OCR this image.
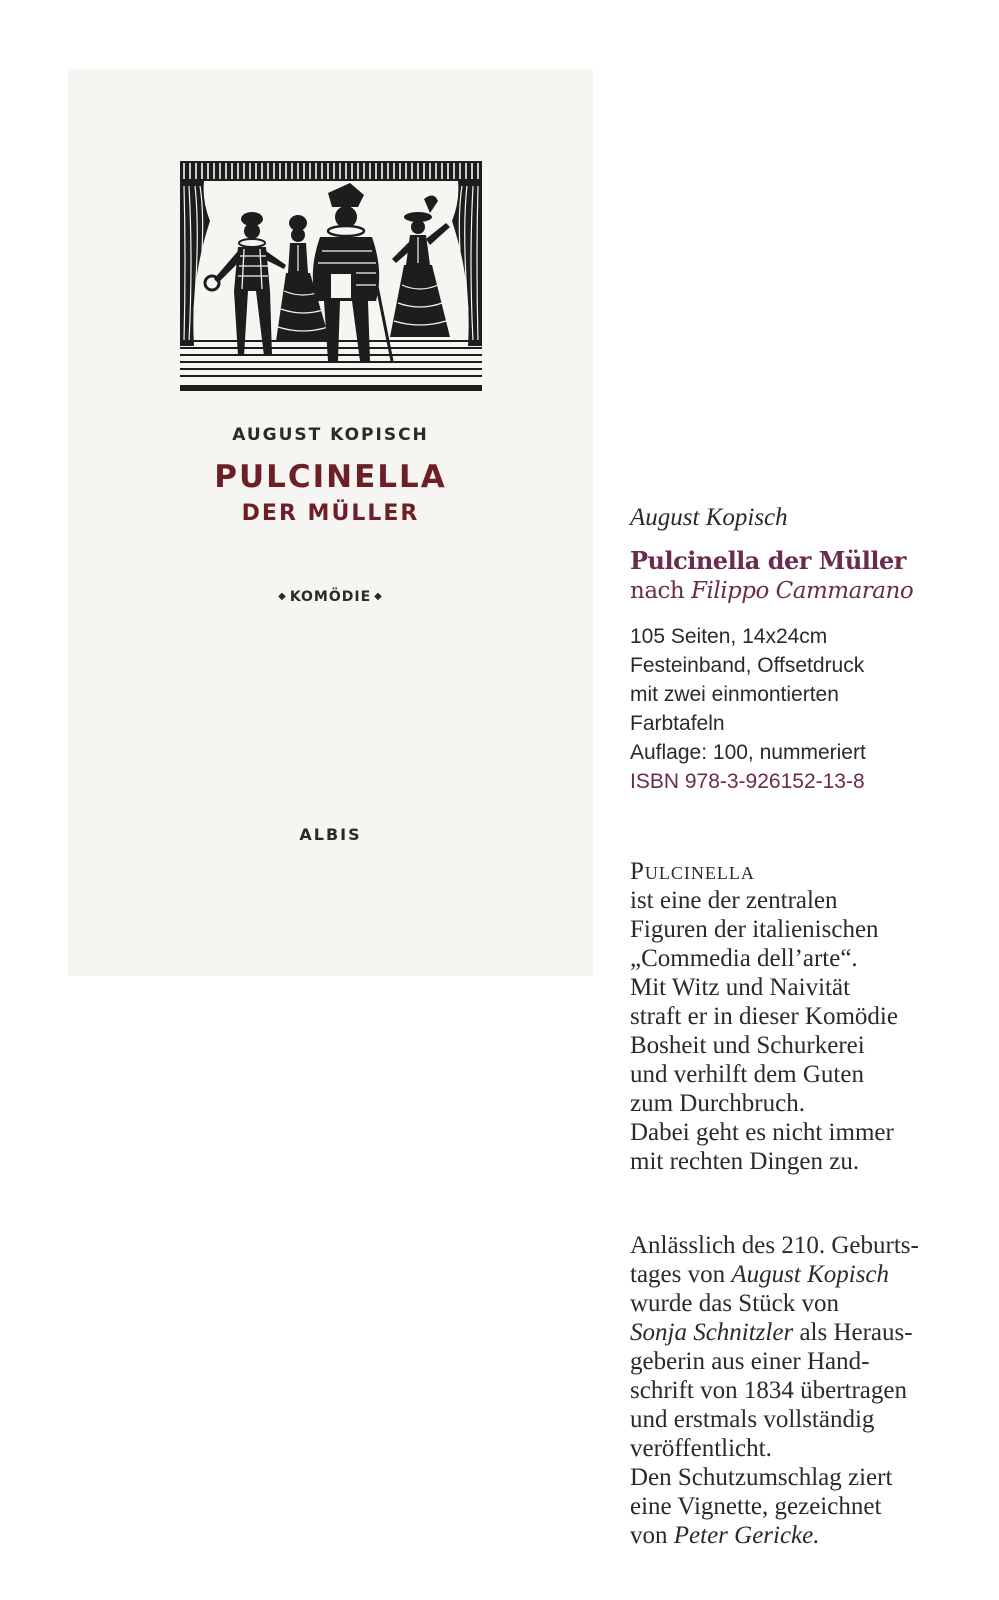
AUGUST KOPISCH
PULCINELLA
DER MÜLLER
◆ KOMÖDIE ◆
ALBIS

August Kopisch

Pulcinella der Müller

nach Filippo Cammarano

105 Seiten, 14x24cm
Festeinband, Offsetdruck
mit zwei einmontierten
Farbtafeln
Auflage: 100, nummeriert
ISBN 978-3-926152-13-8
Pulcinella
ist eine der zentralen
Figuren der italienischen
„Commedia dell’arte“.
Mit Witz und Naivität
straft er in dieser Komödie
Bosheit und Schurkerei
und verhilft dem Guten
zum Durchbruch.
Dabei geht es nicht immer
mit rechten Dingen zu.
Anlässlich des 210. Geburts-
tages von August Kopisch
wurde das Stück von
Sonja Schnitzler als Heraus-
geberin aus einer Hand-
schrift von 1834 übertragen
und erstmals vollständig
veröffentlicht.
Den Schutzumschlag ziert
eine Vignette, gezeichnet
von Peter Gericke.
